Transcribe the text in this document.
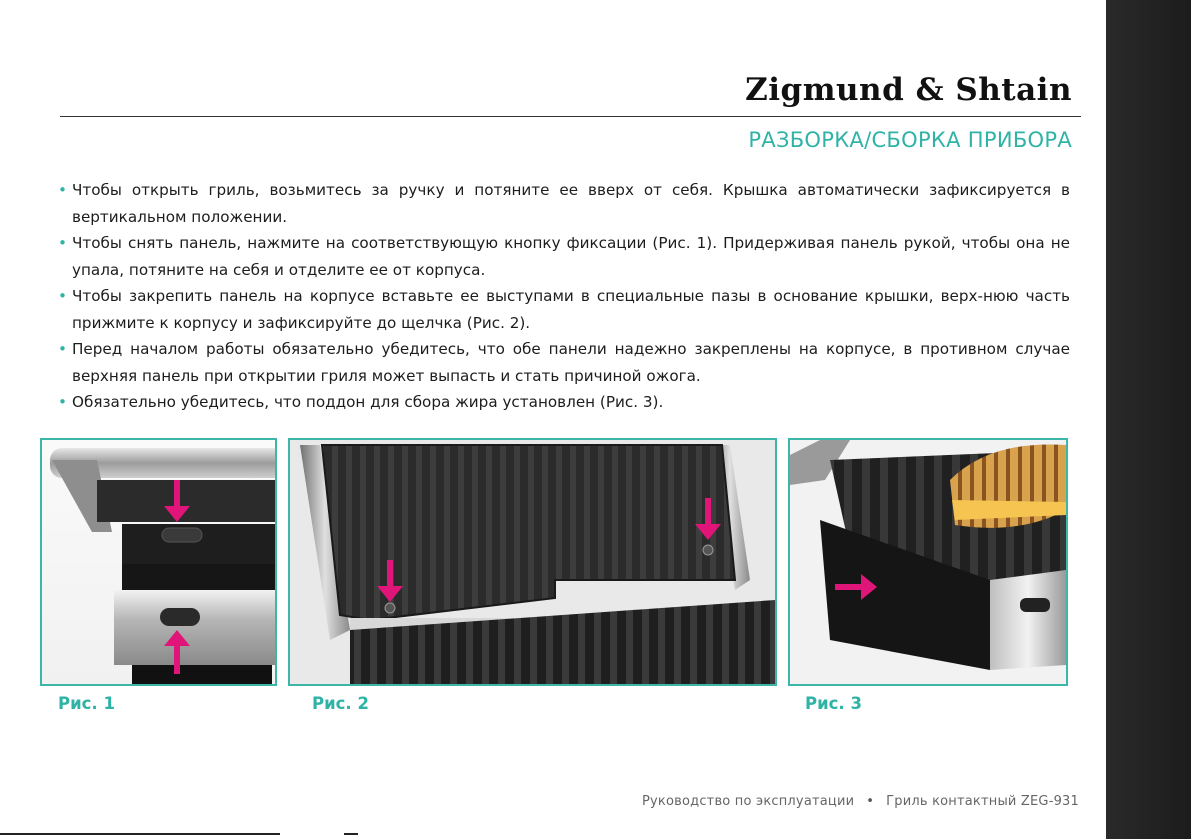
Zigmund & Shtain
РАЗБОРКА/СБОРКА ПРИБОРА
• Чтобы открыть гриль, возьмитесь за ручку и потяните ее вверх от себя. Крышка автоматически зафиксируется в вертикальном положении.
• Чтобы снять панель, нажмите на соответствующую кнопку фиксации (Рис. 1). Придерживая панель рукой, чтобы она не упала, потяните на себя и отделите ее от корпуса.
• Чтобы закрепить панель на корпусе вставьте ее выступами в специальные пазы в основание крышки, верх-нюю часть прижмите к корпусу и зафиксируйте до щелчка (Рис. 2).
• Перед началом работы обязательно убедитесь, что обе панели надежно закреплены на корпусе, в противном случае верхняя панель при открытии гриля может выпасть и стать причиной ожога.
• Обязательно убедитесь, что поддон для сбора жира установлен (Рис. 3).
Рис. 1	Рис. 2	Рис. 3
Руководство по эксплуатации • Гриль контактный ZEG-931
